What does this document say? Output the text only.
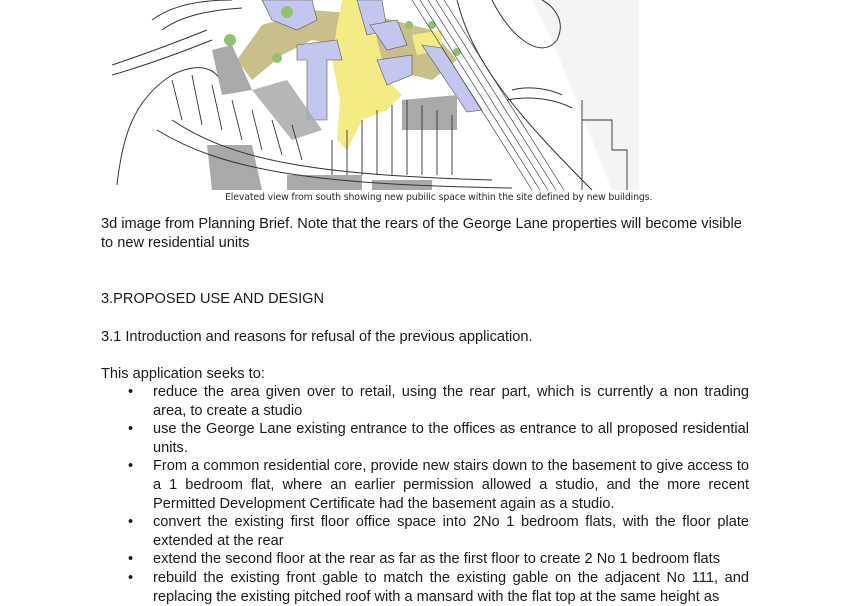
Elevated view from south showing new pubilic space within the site defined by new buildings.
3d image from Planning Brief. Note that the rears of the George Lane properties will become visible to new residential units
3.PROPOSED USE AND DESIGN
3.1 Introduction and reasons for refusal of the previous application.
This application seeks to:
• reduce the area given over to retail, using the rear part, which is currently a non trading area, to create a studio
• use the George Lane existing entrance to the offices as entrance to all proposed residential units.
• From a common residential core, provide new stairs down to the basement to give access to a 1 bedroom flat, where an earlier permission allowed a studio, and the more recent Permitted Development Certificate had the basement again as a studio.
• convert the existing first floor office space into 2No 1 bedroom flats, with the floor plate extended at the rear
• extend the second floor at the rear as far as the first floor to create 2 No 1 bedroom flats
• rebuild the existing front gable to match the existing gable on the adjacent No 111, and replacing the existing pitched roof with a mansard with the flat top at the same height as
